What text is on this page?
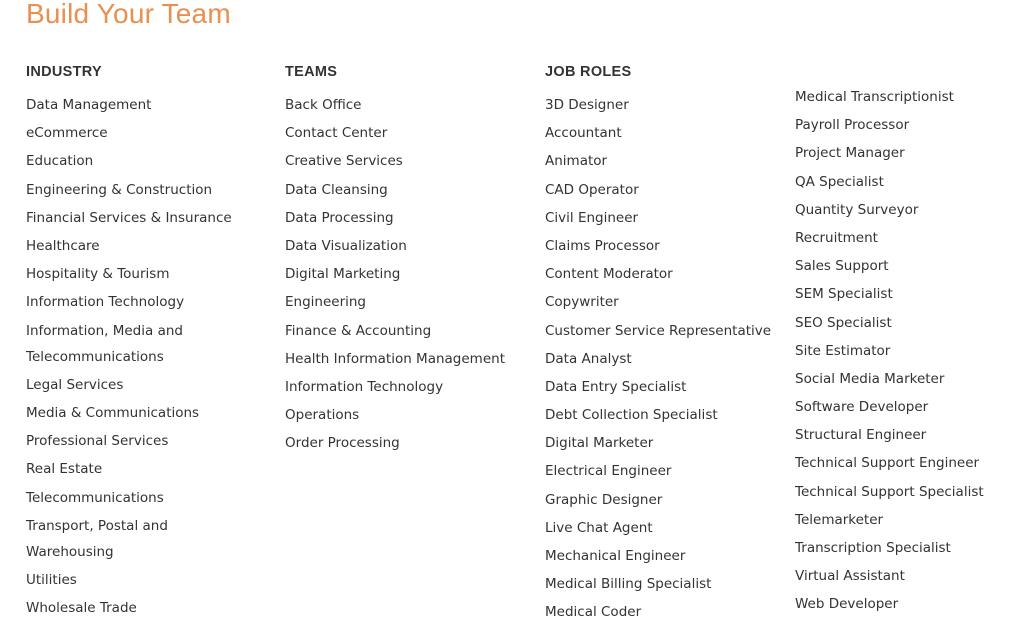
Build Your Team
INDUSTRY
Data Management
eCommerce
Education
Engineering & Construction
Financial Services & Insurance
Healthcare
Hospitality & Tourism
Information Technology
Information, Media and Telecommunications
Legal Services
Media & Communications
Professional Services
Real Estate
Telecommunications
Transport, Postal and Warehousing
Utilities
Wholesale Trade
TEAMS
Back Office
Contact Center
Creative Services
Data Cleansing
Data Processing
Data Visualization
Digital Marketing
Engineering
Finance & Accounting
Health Information Management
Information Technology
Operations
Order Processing
JOB ROLES
3D Designer
Accountant
Animator
CAD Operator
Civil Engineer
Claims Processor
Content Moderator
Copywriter
Customer Service Representative
Data Analyst
Data Entry Specialist
Debt Collection Specialist
Digital Marketer
Electrical Engineer
Graphic Designer
Live Chat Agent
Mechanical Engineer
Medical Billing Specialist
Medical Coder
Medical Transcriptionist
Payroll Processor
Project Manager
QA Specialist
Quantity Surveyor
Recruitment
Sales Support
SEM Specialist
SEO Specialist
Site Estimator
Social Media Marketer
Software Developer
Structural Engineer
Technical Support Engineer
Technical Support Specialist
Telemarketer
Transcription Specialist
Virtual Assistant
Web Developer
